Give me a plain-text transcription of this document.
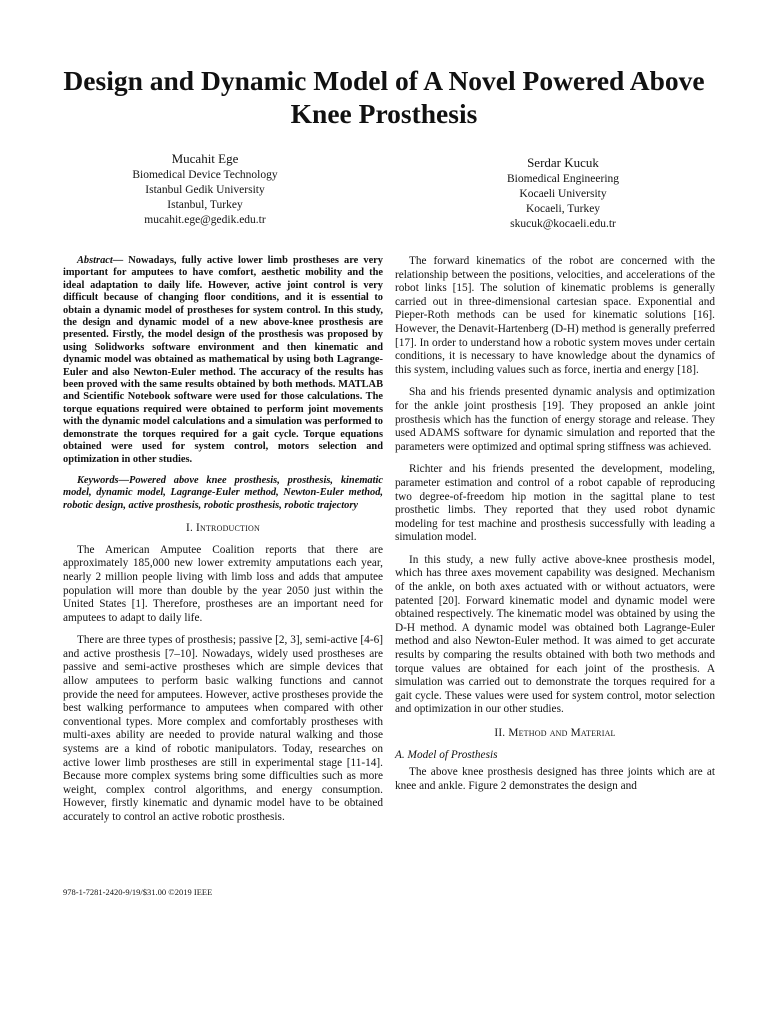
Design and Dynamic Model of A Novel Powered Above Knee Prosthesis
Mucahit Ege
Biomedical Device Technology
Istanbul Gedik University
Istanbul, Turkey
mucahit.ege@gedik.edu.tr
Serdar Kucuk
Biomedical Engineering
Kocaeli University
Kocaeli, Turkey
skucuk@kocaeli.edu.tr

Abstract— Nowadays, fully active lower limb prostheses are very important for amputees to have comfort, aesthetic mobility and the ideal adaptation to daily life. However, active joint control is very difficult because of changing floor conditions, and it is essential to obtain a dynamic model of prostheses for system control. In this study, the design and dynamic model of a new above-knee prosthesis are presented. Firstly, the model design of the prosthesis was proposed by using Solidworks software environment and then kinematic and dynamic model was obtained as mathematical by using both Lagrange-Euler and also Newton-Euler method. The accuracy of the results has been proved with the same results obtained by both methods. MATLAB and Scientific Notebook software were used for those calculations. The torque equations required were obtained to perform joint movements with the dynamic model calculations and a simulation was performed to demonstrate the torques required for a gait cycle. Torque equations obtained were used for system control, motors selection and optimization in other studies.

Keywords—Powered above knee prosthesis, prosthesis, kinematic model, dynamic model, Lagrange-Euler method, Newton-Euler method, robotic design, active prosthesis, robotic prosthesis, robotic trajectory

I. Introduction

The American Amputee Coalition reports that there are approximately 185,000 new lower extremity amputations each year, nearly 2 million people living with limb loss and adds that amputee population will more than double by the year 2050 just within the United States [1]. Therefore, prostheses are an important need for amputees to adapt to daily life.

There are three types of prosthesis; passive [2, 3], semi-active [4-6] and active prosthesis [7–10]. Nowadays, widely used prostheses are passive and semi-active prostheses which are simple devices that allow amputees to perform basic walking functions and cannot provide the need for amputees. However, active prostheses provide the best walking performance to amputees when compared with other conventional types. More complex and comfortably prostheses with multi-axes ability are needed to provide natural walking and those systems are a kind of robotic manipulators. Today, researches on active lower limb prostheses are still in experimental stage [11-14]. Because more complex systems bring some difficulties such as more weight, complex control algorithms, and energy consumption. However, firstly kinematic and dynamic model have to be obtained accurately to control an active robotic prosthesis.

The forward kinematics of the robot are concerned with the relationship between the positions, velocities, and accelerations of the robot links [15]. The solution of kinematic problems is generally carried out in three-dimensional cartesian space. Exponential and Pieper-Roth methods can be used for kinematic solutions [16]. However, the Denavit-Hartenberg (D-H) method is generally preferred [17]. In order to understand how a robotic system moves under certain conditions, it is necessary to have knowledge about the dynamics of this system, including values such as force, inertia and energy [18].

Sha and his friends presented dynamic analysis and optimization for the ankle joint prosthesis [19]. They proposed an ankle joint prosthesis which has the function of energy storage and release. They used ADAMS software for dynamic simulation and reported that the parameters were optimized and optimal spring stiffness was achieved.

Richter and his friends presented the development, modeling, parameter estimation and control of a robot capable of reproducing two degree-of-freedom hip motion in the sagittal plane to test prosthetic limbs. They reported that they used robot dynamic modeling for test machine and prosthesis successfully with leading a simulation model.

In this study, a new fully active above-knee prosthesis model, which has three axes movement capability was designed. Mechanism of the ankle, on both axes actuated with or without actuators, were patented [20]. Forward kinematic model and dynamic model were obtained respectively. The kinematic model was obtained by using the D-H method. A dynamic model was obtained both Lagrange-Euler method and also Newton-Euler method. It was aimed to get accurate results by comparing the results obtained with both two methods and torque values are obtained for each joint of the prosthesis. A simulation was carried out to demonstrate the torques required for a gait cycle. These values were used for system control, motor selection and optimization in our other studies.

II. Method and Material
A. Model of Prosthesis

The above knee prosthesis designed has three joints which are at knee and ankle. Figure 2 demonstrates the design and

978-1-7281-2420-9/19/$31.00 ©2019 IEEE
